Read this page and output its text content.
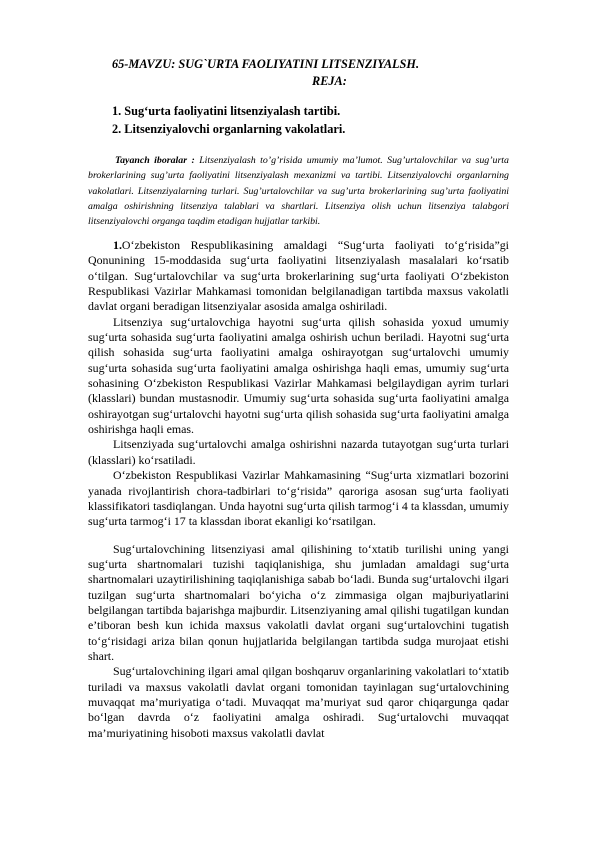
65-MAVZU: SUG`URTA FAOLIYATINI LITSENZIYALSH.
REJA:
1. Sug‘urta faoliyatini litsenziyalash tartibi.
2. Litsenziyalovchi organlarning vakolatlari.

Tayanch iboralar : Litsenziyalash to’g’risida umumiy ma’lumot. Sug’urtalovchilar va sug’urta brokerlarining sug’urta faoliyatini litsenziyalash mexanizmi va tartibi. Litsenziyalovchi organlarning vakolatlari. Litsenziyalarning turlari. Sug’urtalovchilar va sug’urta brokerlarining sug’urta faoliyatini amalga oshirishning litsenziya talablari va shartlari. Litsenziya olish uchun litsenziya talabgori litsenziyalovchi organga taqdim etadigan hujjatlar tarkibi.

1.O‘zbekiston Respublikasining amaldagi “Sug‘urta faoliyati to‘g‘risida”gi Qonunining 15-moddasida sug‘urta faoliyatini litsenziyalash masalalari ko‘rsatib o‘tilgan. Sug‘urtalovchilar va sug‘urta brokerlarining sug‘urta faoliyati O‘zbekiston Respublikasi Vazirlar Mahkamasi tomonidan belgilanadigan tartibda maxsus vakolatli davlat organi beradigan litsenziyalar asosida amalga oshiriladi.

Litsenziya sug‘urtalovchiga hayotni sug‘urta qilish sohasida yoxud umumiy sug‘urta sohasida sug‘urta faoliyatini amalga oshirish uchun beriladi. Hayotni sug‘urta qilish sohasida sug‘urta faoliyatini amalga oshirayotgan sug‘urtalovchi umumiy sug‘urta sohasida sug‘urta faoliyatini amalga oshirishga haqli emas, umumiy sug‘urta sohasining O‘zbekiston Respublikasi Vazirlar Mahkamasi belgilaydigan ayrim turlari (klasslari) bundan mustasnodir. Umumiy sug‘urta sohasida sug‘urta faoliyatini amalga oshirayotgan sug‘urtalovchi hayotni sug‘urta qilish sohasida sug‘urta faoliyatini amalga oshirishga haqli emas.

Litsenziyada sug‘urtalovchi amalga oshirishni nazarda tutayotgan sug‘urta turlari (klasslari) ko‘rsatiladi.

O‘zbekiston Respublikasi Vazirlar Mahkamasining “Sug‘urta xizmatlari bozorini yanada rivojlantirish chora-tadbirlari to‘g‘risida” qaroriga asosan sug‘urta faoliyati klassifikatori tasdiqlangan. Unda hayotni sug‘urta qilish tarmog‘i 4 ta klassdan, umumiy sug‘urta tarmog‘i 17 ta klassdan iborat ekanligi ko‘rsatilgan.

Sug‘urtalovchining litsenziyasi amal qilishining to‘xtatib turilishi uning yangi sug‘urta shartnomalari tuzishi taqiqlanishiga, shu jumladan amaldagi sug‘urta shartnomalari uzaytirilishining taqiqlanishiga sabab bo‘ladi. Bunda sug‘urtalovchi ilgari tuzilgan sug‘urta shartnomalari bo‘yicha o‘z zimmasiga olgan majburiyatlarini belgilangan tartibda bajarishga majburdir. Litsenziyaning amal qilishi tugatilgan kundan e’tiboran besh kun ichida maxsus vakolatli davlat organi sug‘urtalovchini tugatish to‘g‘risidagi ariza bilan qonun hujjatlarida belgilangan tartibda sudga murojaat etishi shart.

Sug‘urtalovchining ilgari amal qilgan boshqaruv organlarining vakolatlari to‘xtatib turiladi va maxsus vakolatli davlat organi tomonidan tayinlagan sug‘urtalovchining muvaqqat ma’muriyatiga o‘tadi. Muvaqqat ma’muriyat sud qaror chiqargunga qadar bo‘lgan davrda o‘z faoliyatini amalga oshiradi. Sug‘urtalovchi muvaqqat ma’muriyatining hisoboti maxsus vakolatli davlat
